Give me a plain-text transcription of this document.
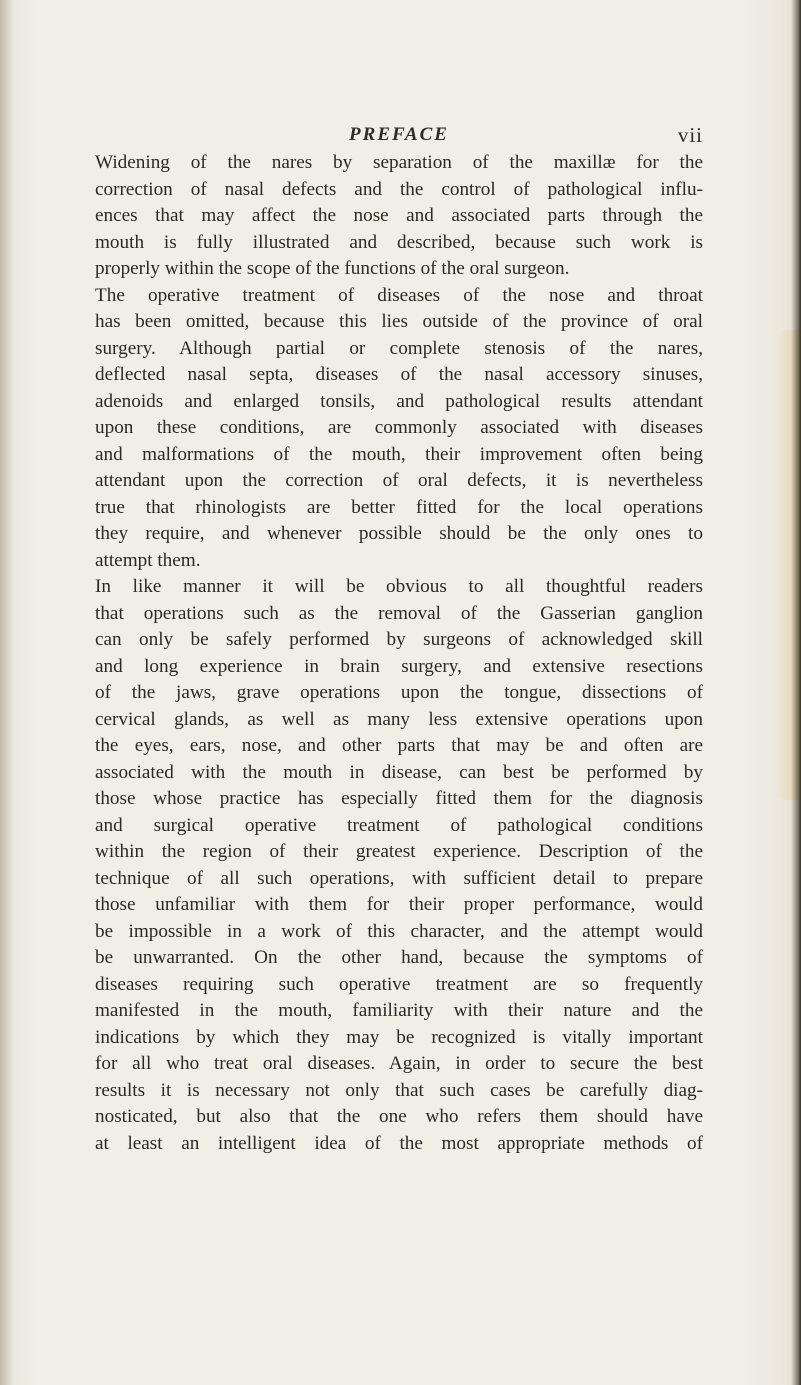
PREFACE	vii
Widening of the nares by separation of the maxillæ for the
correction of nasal defects and the control of pathological influ-
ences that may affect the nose and associated parts through the
mouth is fully illustrated and described, because such work is
properly within the scope of the functions of the oral surgeon.
The operative treatment of diseases of the nose and throat
has been omitted, because this lies outside of the province of oral
surgery. Although partial or complete stenosis of the nares,
deflected nasal septa, diseases of the nasal accessory sinuses,
adenoids and enlarged tonsils, and pathological results attendant
upon these conditions, are commonly associated with diseases
and malformations of the mouth, their improvement often being
attendant upon the correction of oral defects, it is nevertheless
true that rhinologists are better fitted for the local operations
they require, and whenever possible should be the only ones to
attempt them.
In like manner it will be obvious to all thoughtful readers
that operations such as the removal of the Gasserian ganglion
can only be safely performed by surgeons of acknowledged skill
and long experience in brain surgery, and extensive resections
of the jaws, grave operations upon the tongue, dissections of
cervical glands, as well as many less extensive operations upon
the eyes, ears, nose, and other parts that may be and often are
associated with the mouth in disease, can best be performed by
those whose practice has especially fitted them for the diagnosis
and surgical operative treatment of pathological conditions
within the region of their greatest experience. Description of the
technique of all such operations, with sufficient detail to prepare
those unfamiliar with them for their proper performance, would
be impossible in a work of this character, and the attempt would
be unwarranted. On the other hand, because the symptoms of
diseases requiring such operative treatment are so frequently
manifested in the mouth, familiarity with their nature and the
indications by which they may be recognized is vitally important
for all who treat oral diseases. Again, in order to secure the best
results it is necessary not only that such cases be carefully diag-
nosticated, but also that the one who refers them should have
at least an intelligent idea of the most appropriate methods of
